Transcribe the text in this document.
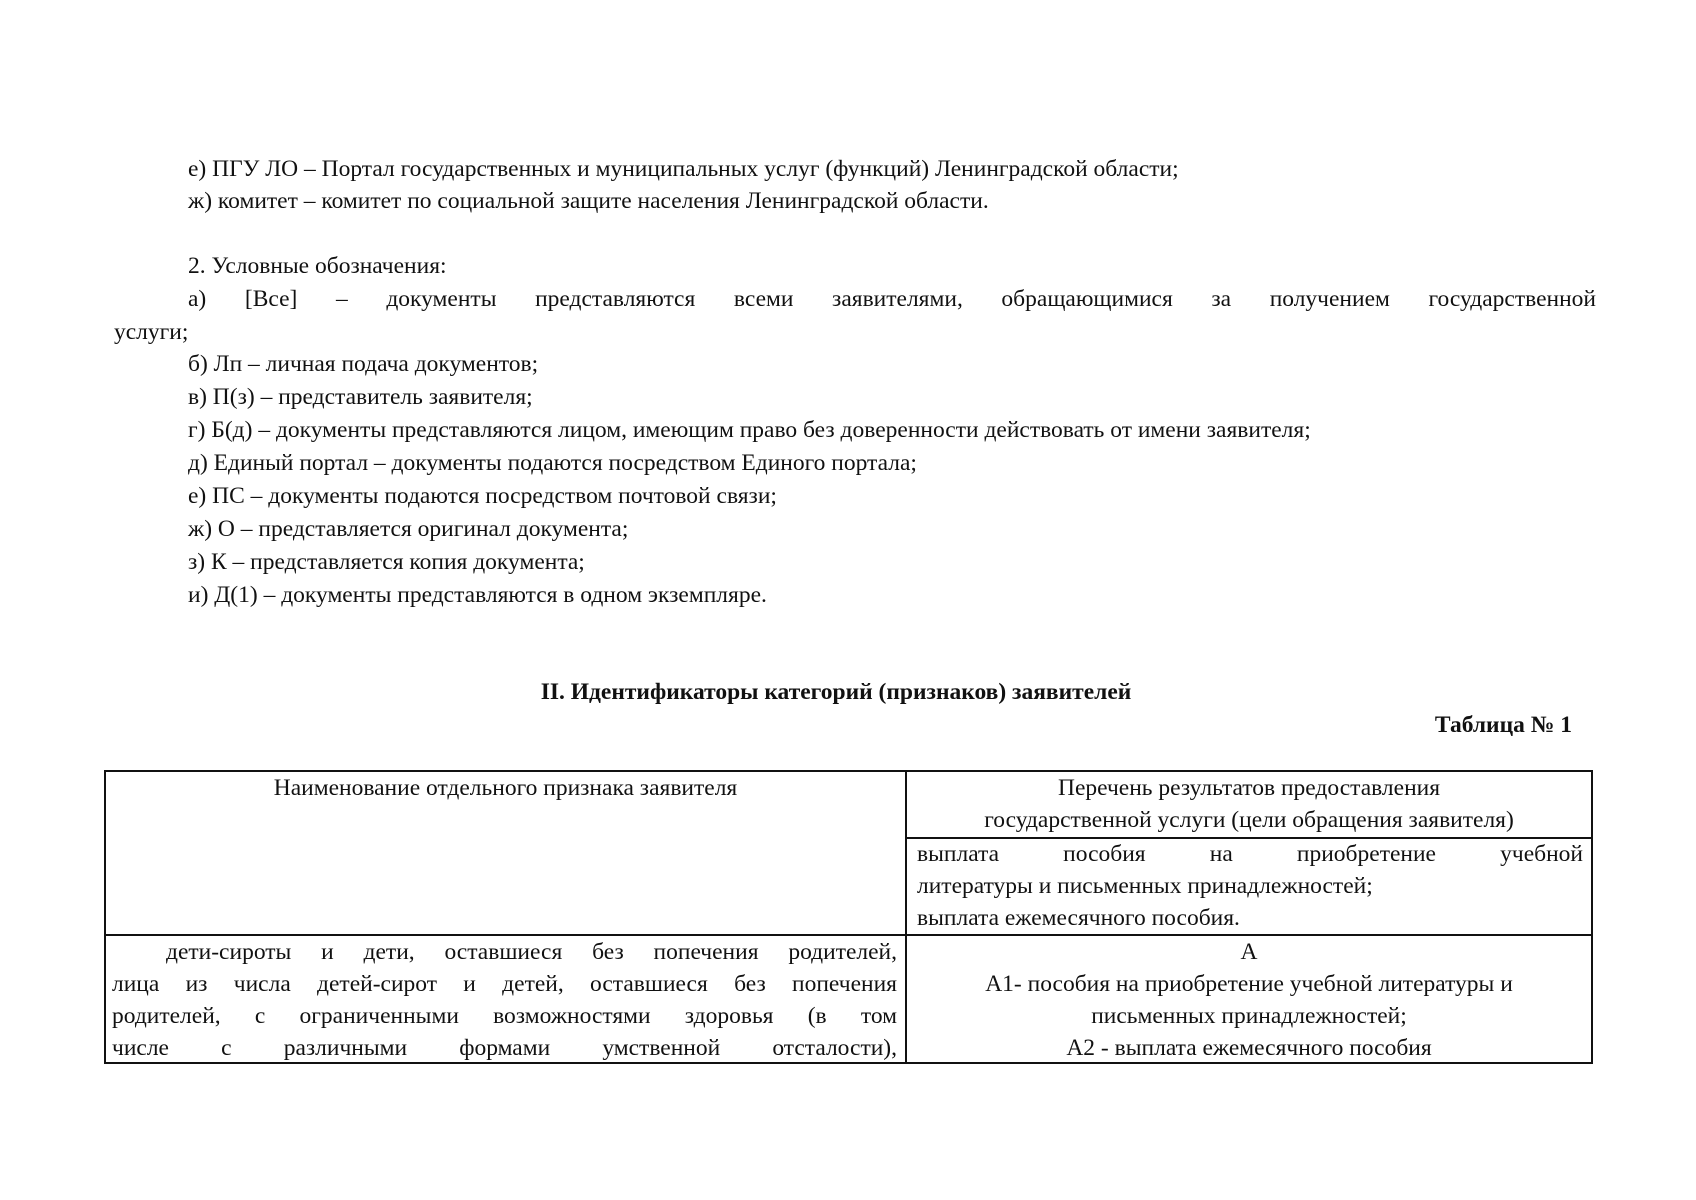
е) ПГУ ЛО – Портал государственных и муниципальных услуг (функций) Ленинградской области;
ж) комитет – комитет по социальной защите населения Ленинградской области.
2. Условные обозначения:
а) [Все] – документы представляются всеми заявителями, обращающимися за получением государственной
услуги;
б) Лп – личная подача документов;
в) П(з) – представитель заявителя;
г) Б(д) – документы представляются лицом, имеющим право без доверенности действовать от имени заявителя;
д) Единый портал – документы подаются посредством Единого портала;
е) ПС – документы подаются посредством почтовой связи;
ж) О – представляется оригинал документа;
з) К – представляется копия документа;
и) Д(1) – документы представляются в одном экземпляре.
II. Идентификаторы категорий (признаков) заявителей
Таблица № 1
Наименование отдельного признака заявителя	Перечень результатов предоставления
государственной услуги (цели обращения заявителя)
выплата пособия на приобретение учебной
литературы и письменных принадлежностей;
выплата ежемесячного пособия.
дети-сироты и дети, оставшиеся без попечения родителей,
лица из числа детей-сирот и детей, оставшиеся без попечения
родителей, с ограниченными возможностями здоровья (в том
числе с различными формами умственной отсталости),
А
А1- пособия на приобретение учебной литературы и
письменных принадлежностей;
А2 - выплата ежемесячного пособия
